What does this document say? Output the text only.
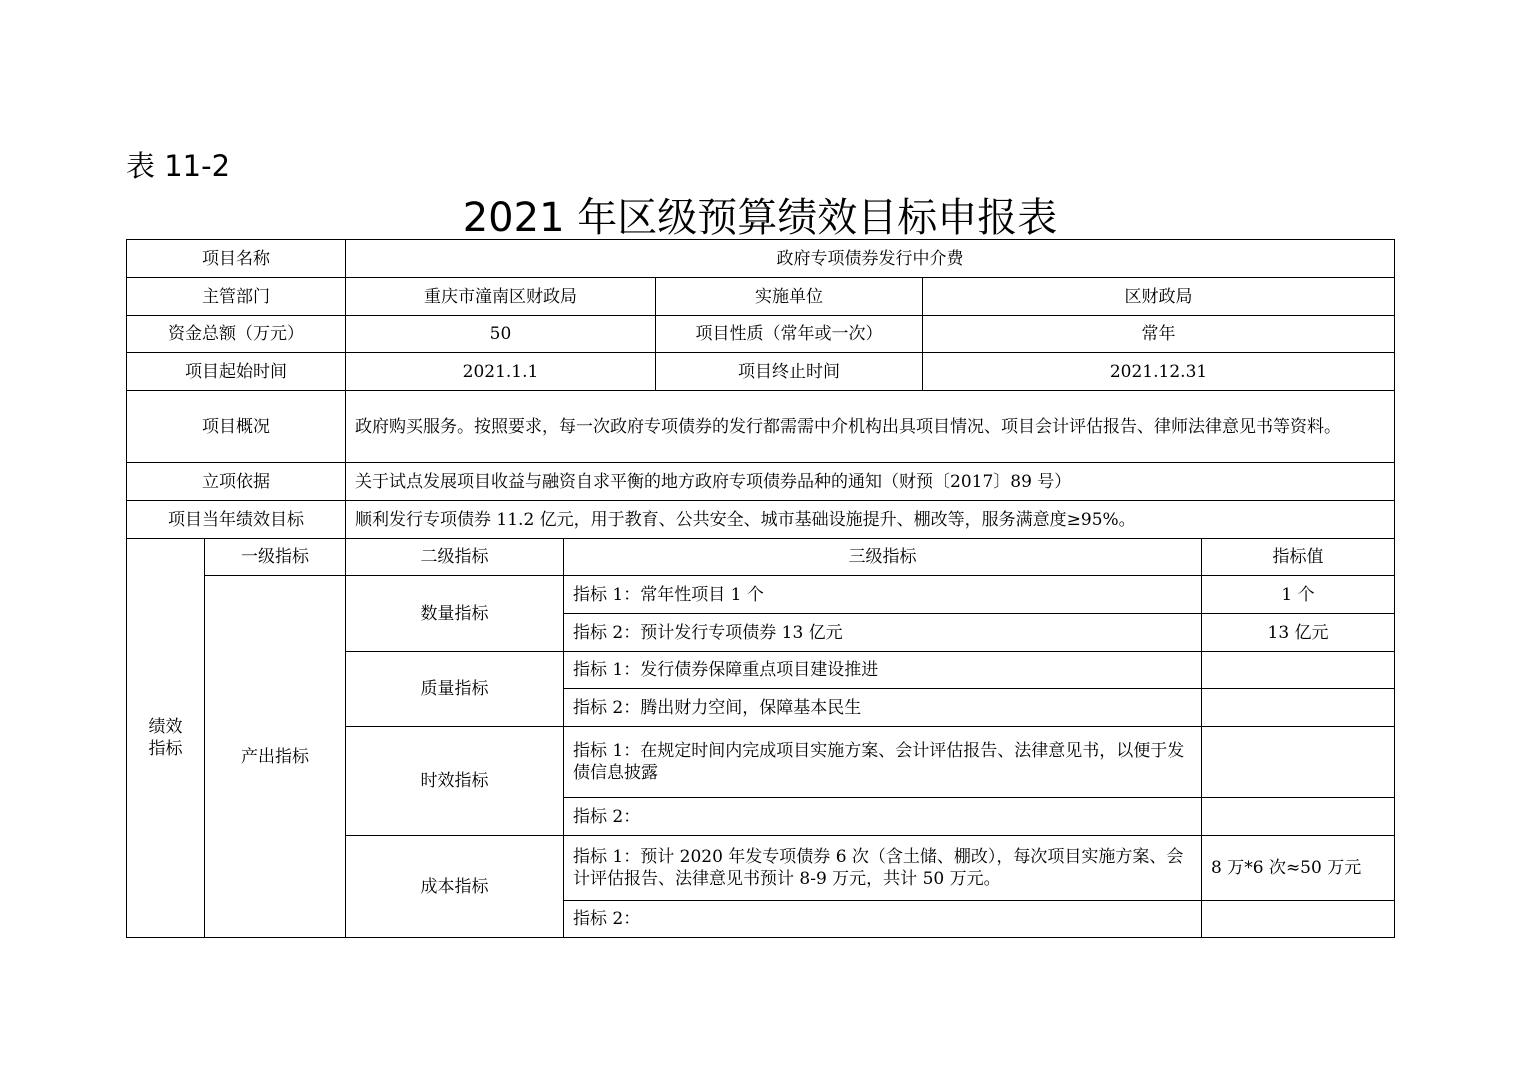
表 11-2
2021 年区级预算绩效目标申报表
项目名称		政府专项债券发行中介费				
主管部门		重庆市潼南区财政局		实施单位	区财政局	
资金总额（万元）		50		项目性质（常年或一次）	常年	
项目起始时间		2021.1.1		项目终止时间	2021.12.31	
项目概况		政府购买服务。按照要求，每一次政府专项债券的发行都需需中介机构出具项目情况、项目会计评估报告、律师法律意见书等资料。				
立项依据		关于试点发展项目收益与融资自求平衡的地方政府专项债券品种的通知（财预〔2017〕89 号）				
项目当年绩效目标		顺利发行专项债券 11.2 亿元，用于教育、公共安全、城市基础设施提升、棚改等，服务满意度≥95%。				
绩效指标	一级指标	二级指标	三级指标			指标值
	产出指标	数量指标	指标 1：常年性项目 1 个			1 个
			指标 2：预计发行专项债券 13 亿元			13 亿元
		质量指标	指标 1：发行债券保障重点项目建设推进			
			指标 2：腾出财力空间，保障基本民生			
		时效指标	指标 1：在规定时间内完成项目实施方案、会计评估报告、法律意见书，以便于发债信息披露			
			指标 2：			
		成本指标	指标 1：预计 2020 年发专项债券 6 次（含土储、棚改），每次项目实施方案、会计评估报告、法律意见书预计 8-9 万元，共计 50 万元。			8 万*6 次≈50 万元
			指标 2：			
